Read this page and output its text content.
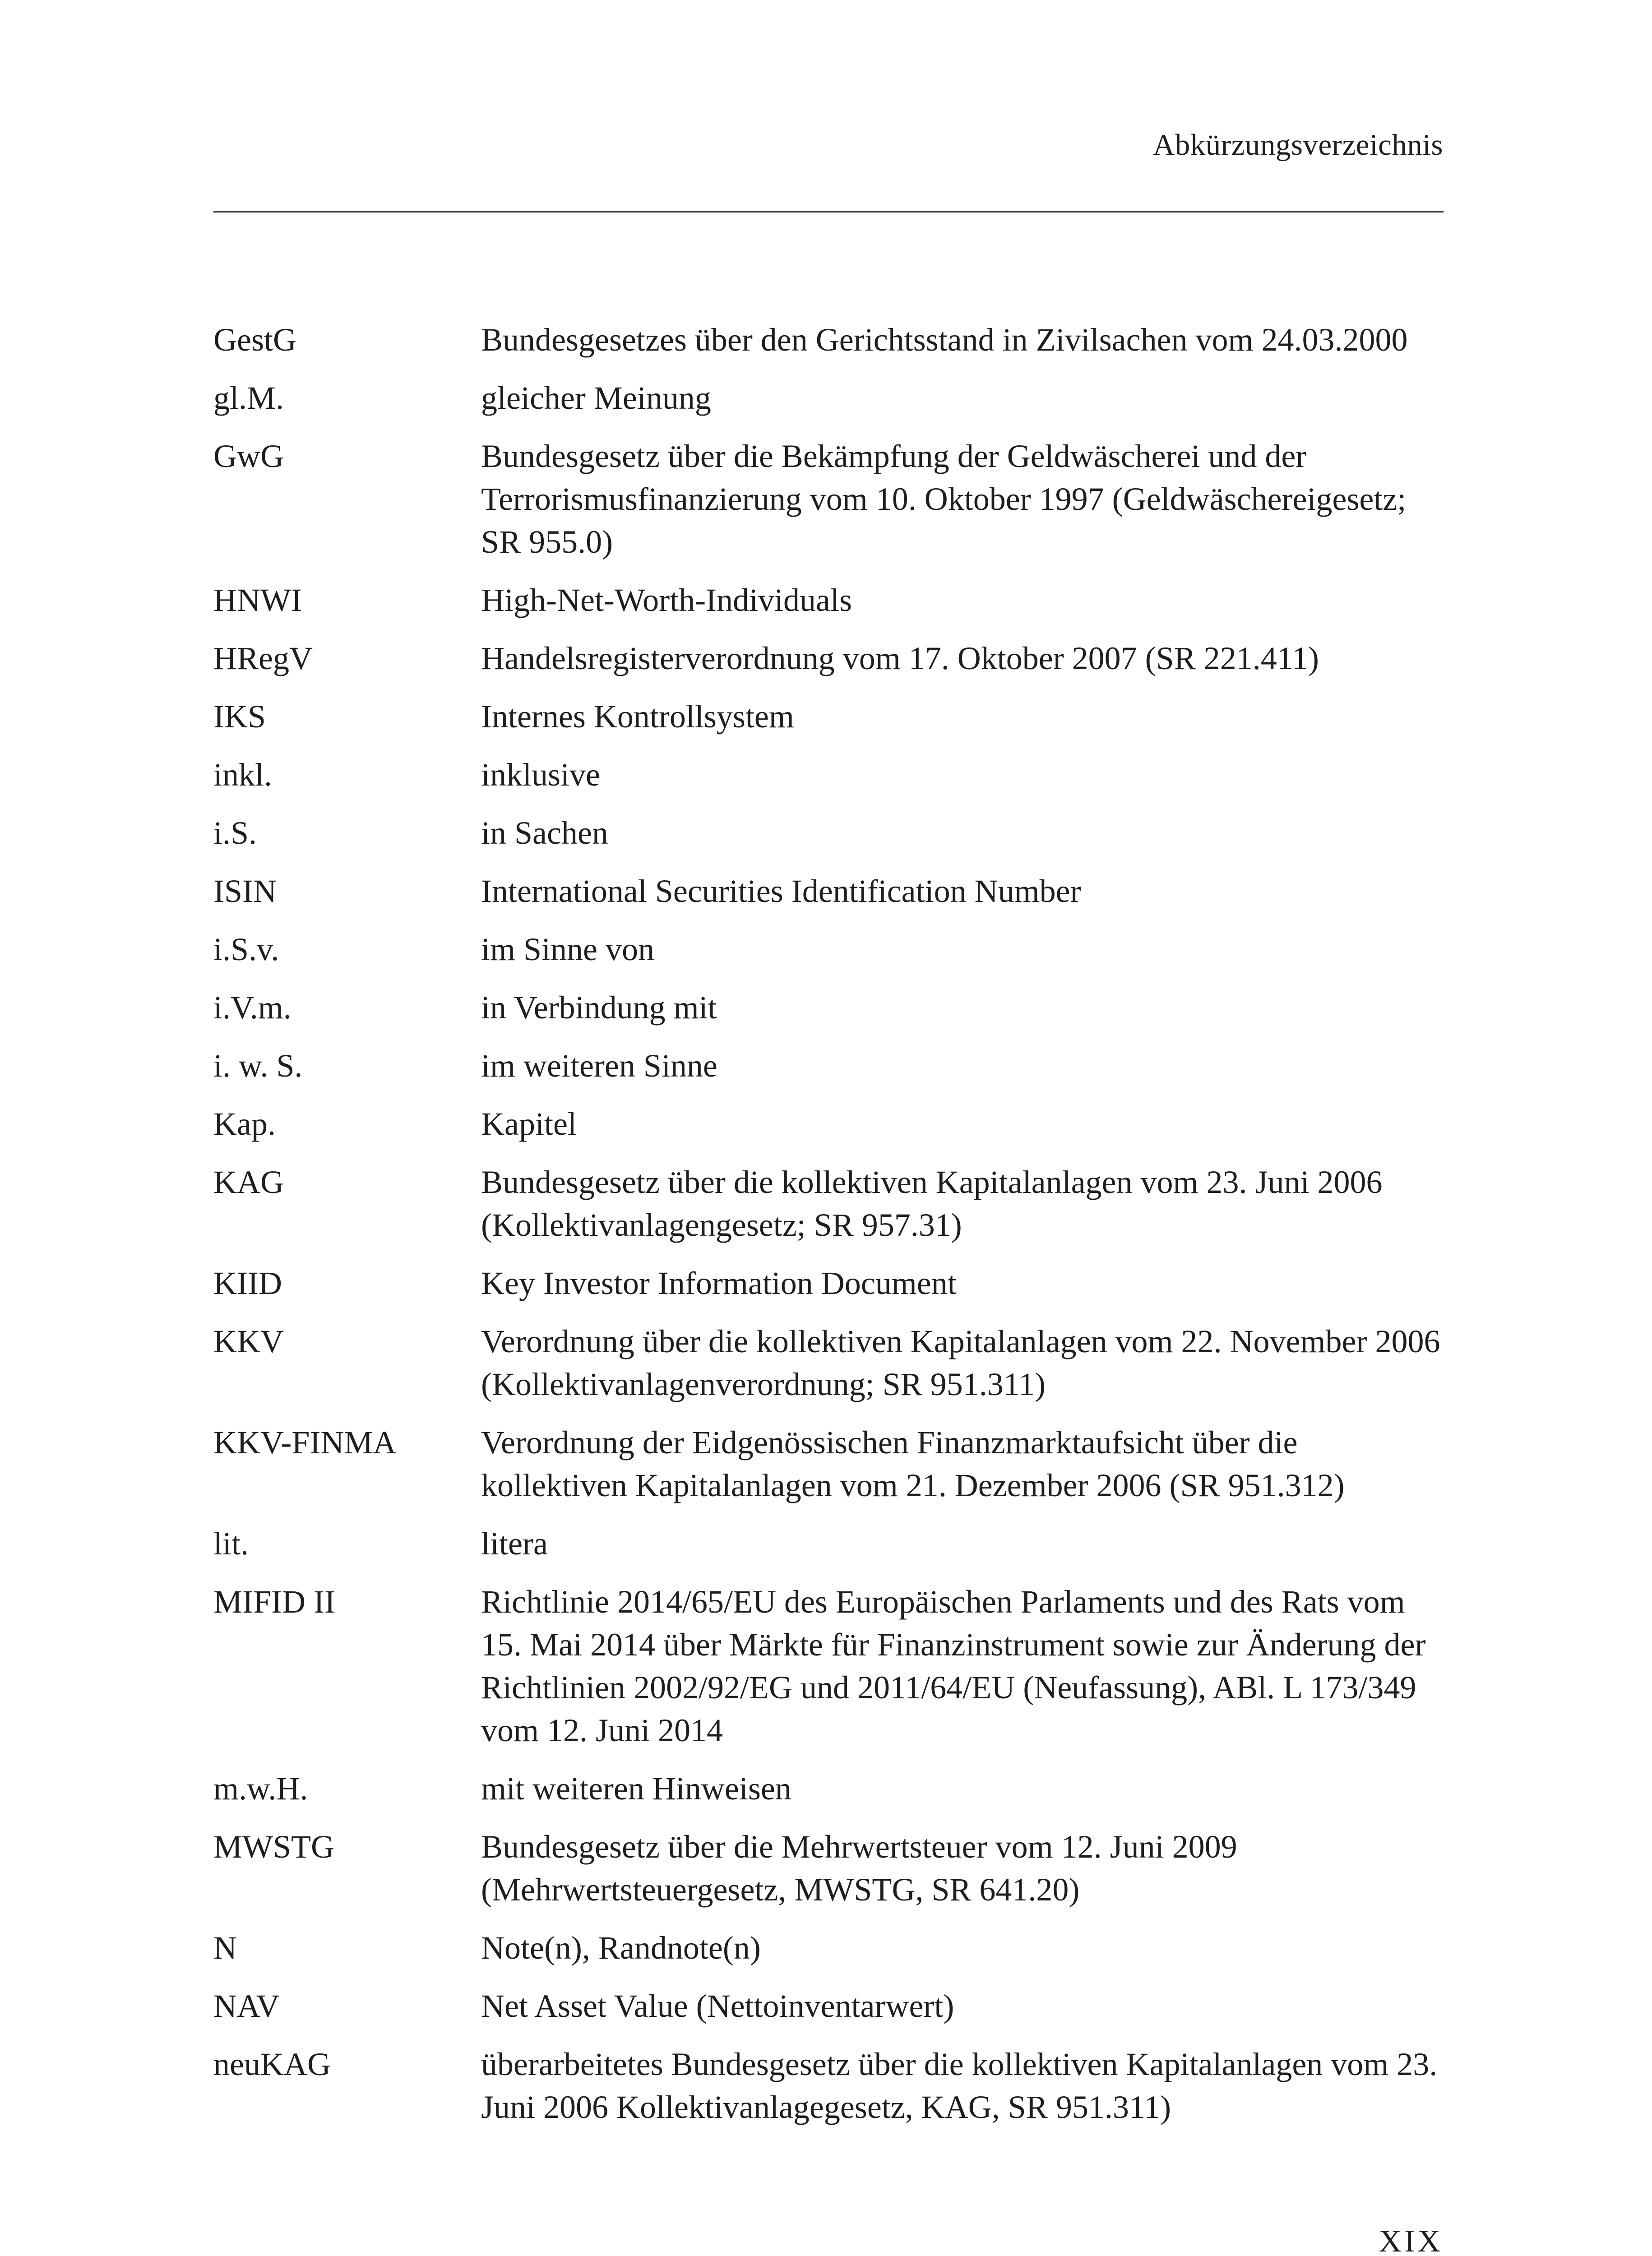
Abkürzungsverzeichnis
GestG	Bundesgesetzes über den Gerichtsstand in Zivilsachen vom 24.03.2000
gl.M.	gleicher Meinung
GwG	Bundesgesetz über die Bekämpfung der Geldwäscherei und der Terrorismusfinanzierung vom 10. Oktober 1997 (Geldwäschereigesetz; SR 955.0)
HNWI	High-Net-Worth-Individuals
HRegV	Handelsregisterverordnung vom 17. Oktober 2007 (SR 221.411)
IKS	Internes Kontrollsystem
inkl.	inklusive
i.S.	in Sachen
ISIN	International Securities Identification Number
i.S.v.	im Sinne von
i.V.m.	in Verbindung mit
i. w. S.	im weiteren Sinne
Kap.	Kapitel
KAG	Bundesgesetz über die kollektiven Kapitalanlagen vom 23. Juni 2006 (Kollektivanlagengesetz; SR 957.31)
KIID	Key Investor Information Document
KKV	Verordnung über die kollektiven Kapitalanlagen vom 22. November 2006 (Kollektivanlagenverordnung; SR 951.311)
KKV-FINMA	Verordnung der Eidgenössischen Finanzmarktaufsicht über die kollektiven Kapitalanlagen vom 21. Dezember 2006 (SR 951.312)
lit.	litera
MIFID II	Richtlinie 2014/65/EU des Europäischen Parlaments und des Rats vom 15. Mai 2014 über Märkte für Finanzinstrument sowie zur Änderung der Richtlinien 2002/92/EG und 2011/64/EU (Neufassung), ABl. L 173/349 vom 12. Juni 2014
m.w.H.	mit weiteren Hinweisen
MWSTG	Bundesgesetz über die Mehrwertsteuer vom 12. Juni 2009 (Mehrwertsteuergesetz, MWSTG, SR 641.20)
N	Note(n), Randnote(n)
NAV	Net Asset Value (Nettoinventarwert)
neuKAG	überarbeitetes Bundesgesetz über die kollektiven Kapitalanlagen vom 23. Juni 2006 Kollektivanlagegesetz, KAG, SR 951.311)
XIX
